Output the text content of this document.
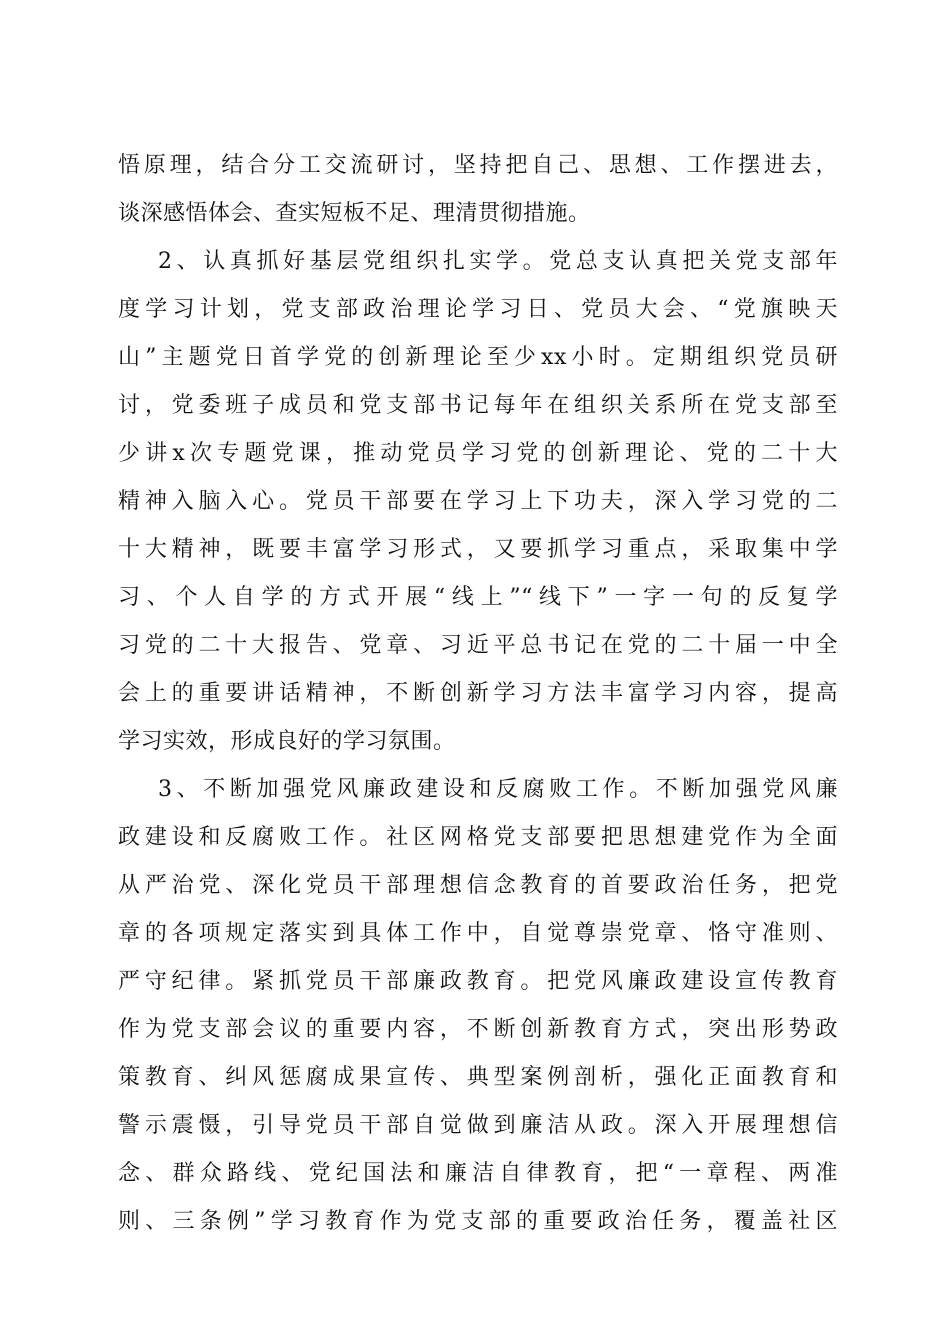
悟原理，结合分工交流研讨，坚持把自己、思想、工作摆进去，
谈深感悟体会、查实短板不足、理清贯彻措施。
2、认真抓好基层党组织扎实学。党总支认真把关党支部年
度学习计划，党支部政治理论学习日、党员大会、“党旗映天
山”主题党日首学党的创新理论至少xx小时。定期组织党员研
讨，党委班子成员和党支部书记每年在组织关系所在党支部至
少讲x次专题党课，推动党员学习党的创新理论、党的二十大
精神入脑入心。党员干部要在学习上下功夫，深入学习党的二
十大精神，既要丰富学习形式，又要抓学习重点，采取集中学
习、个人自学的方式开展“线上”“线下”一字一句的反复学
习党的二十大报告、党章、习近平总书记在党的二十届一中全
会上的重要讲话精神，不断创新学习方法丰富学习内容，提高
学习实效，形成良好的学习氛围。
3、不断加强党风廉政建设和反腐败工作。不断加强党风廉
政建设和反腐败工作。社区网格党支部要把思想建党作为全面
从严治党、深化党员干部理想信念教育的首要政治任务，把党
章的各项规定落实到具体工作中，自觉尊崇党章、恪守准则、
严守纪律。紧抓党员干部廉政教育。把党风廉政建设宣传教育
作为党支部会议的重要内容，不断创新教育方式，突出形势政
策教育、纠风惩腐成果宣传、典型案例剖析，强化正面教育和
警示震慑，引导党员干部自觉做到廉洁从政。深入开展理想信
念、群众路线、党纪国法和廉洁自律教育，把“一章程、两准
则、三条例”学习教育作为党支部的重要政治任务，覆盖社区
